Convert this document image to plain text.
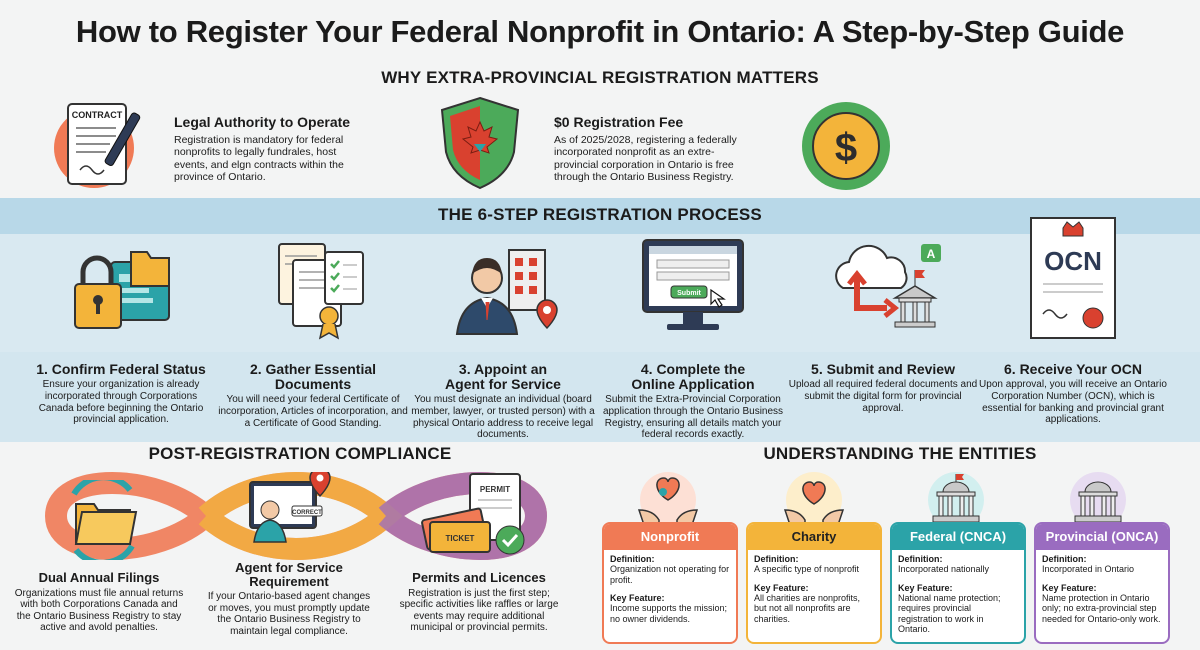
How to Register Your Federal Nonprofit in Ontario: A Step-by-Step Guide
WHY EXTRA-PROVINCIAL REGISTRATION MATTERS
CONTRACT	Legal Authority to Operate
Registration is mandatory for federal nonprofits to legally fundrales, host events, and elgn contracts within the province of Ontario.
$0 Registration Fee
As of 2025/2028, registering a federally incorporated nonprofit as an extre-provincial corporation in Ontario is free through the Ontario Business Registry.
$
THE 6-STEP REGISTRATION PROCESS
1. Confirm Federal Status
Ensure your organization is already incorporated through Corporations Canada before beginning the Ontario provincial application.
2. Gather Essential Documents
You will need your federal Certificate of incorporation, Articles of incorporation, and a Certificate of Good Standing.
3. Appoint an Agent for Service
You must designate an individual (board member, lawyer, or trusted person) with a physical Ontario address to receive legal documents.
Submit
4. Complete the Online Application
Submit the Extra-Provincial Corporation application through the Ontario Business Registry, ensuring all details match your federal records exactly.
A
5. Submit and Review
Upload all required federal documents and submit the digital form for provincial approval.
OCN
6. Receive Your OCN
Upon approval, you will receive an Ontario Corporation Number (OCN), which is essential for banking and provincial grant applications.
POST-REGISTRATION COMPLIANCE
CORRECT
PERMIT
TICKET
Dual Annual Filings
Organizations must file annual returns with both Corporations Canada and the Ontario Business Registry to stay active and avold penalties.
Agent for Service Requirement
If your Ontario-based agent changes or moves, you must promptly update the Ontario Business Registry to maintain legal compliance.
Permits and Licences
Registration is just the first step; specific activities like raffles or large events may require additional municipal or provincial permits.
UNDERSTANDING THE ENTITIES
Nonprofit
Definition:
Organization not operating for profit.
Key Feature:
Income supports the mission; no owner dividends.
Charity
Definition:
A specific type of nonprofit
Key Feature:
All charities are nonprofits, but not all nonprofits are charities.
Federal (CNCA)
Definition:
Incorporated nationally
Key Feature:
National name protection; requires provincial registration to work in Ontario.
Provincial (ONCA)
Definition:
Incorporated in Ontario
Key Feature:
Name protection in Ontario only; no extra-provincial step needed for Ontario-only work.
